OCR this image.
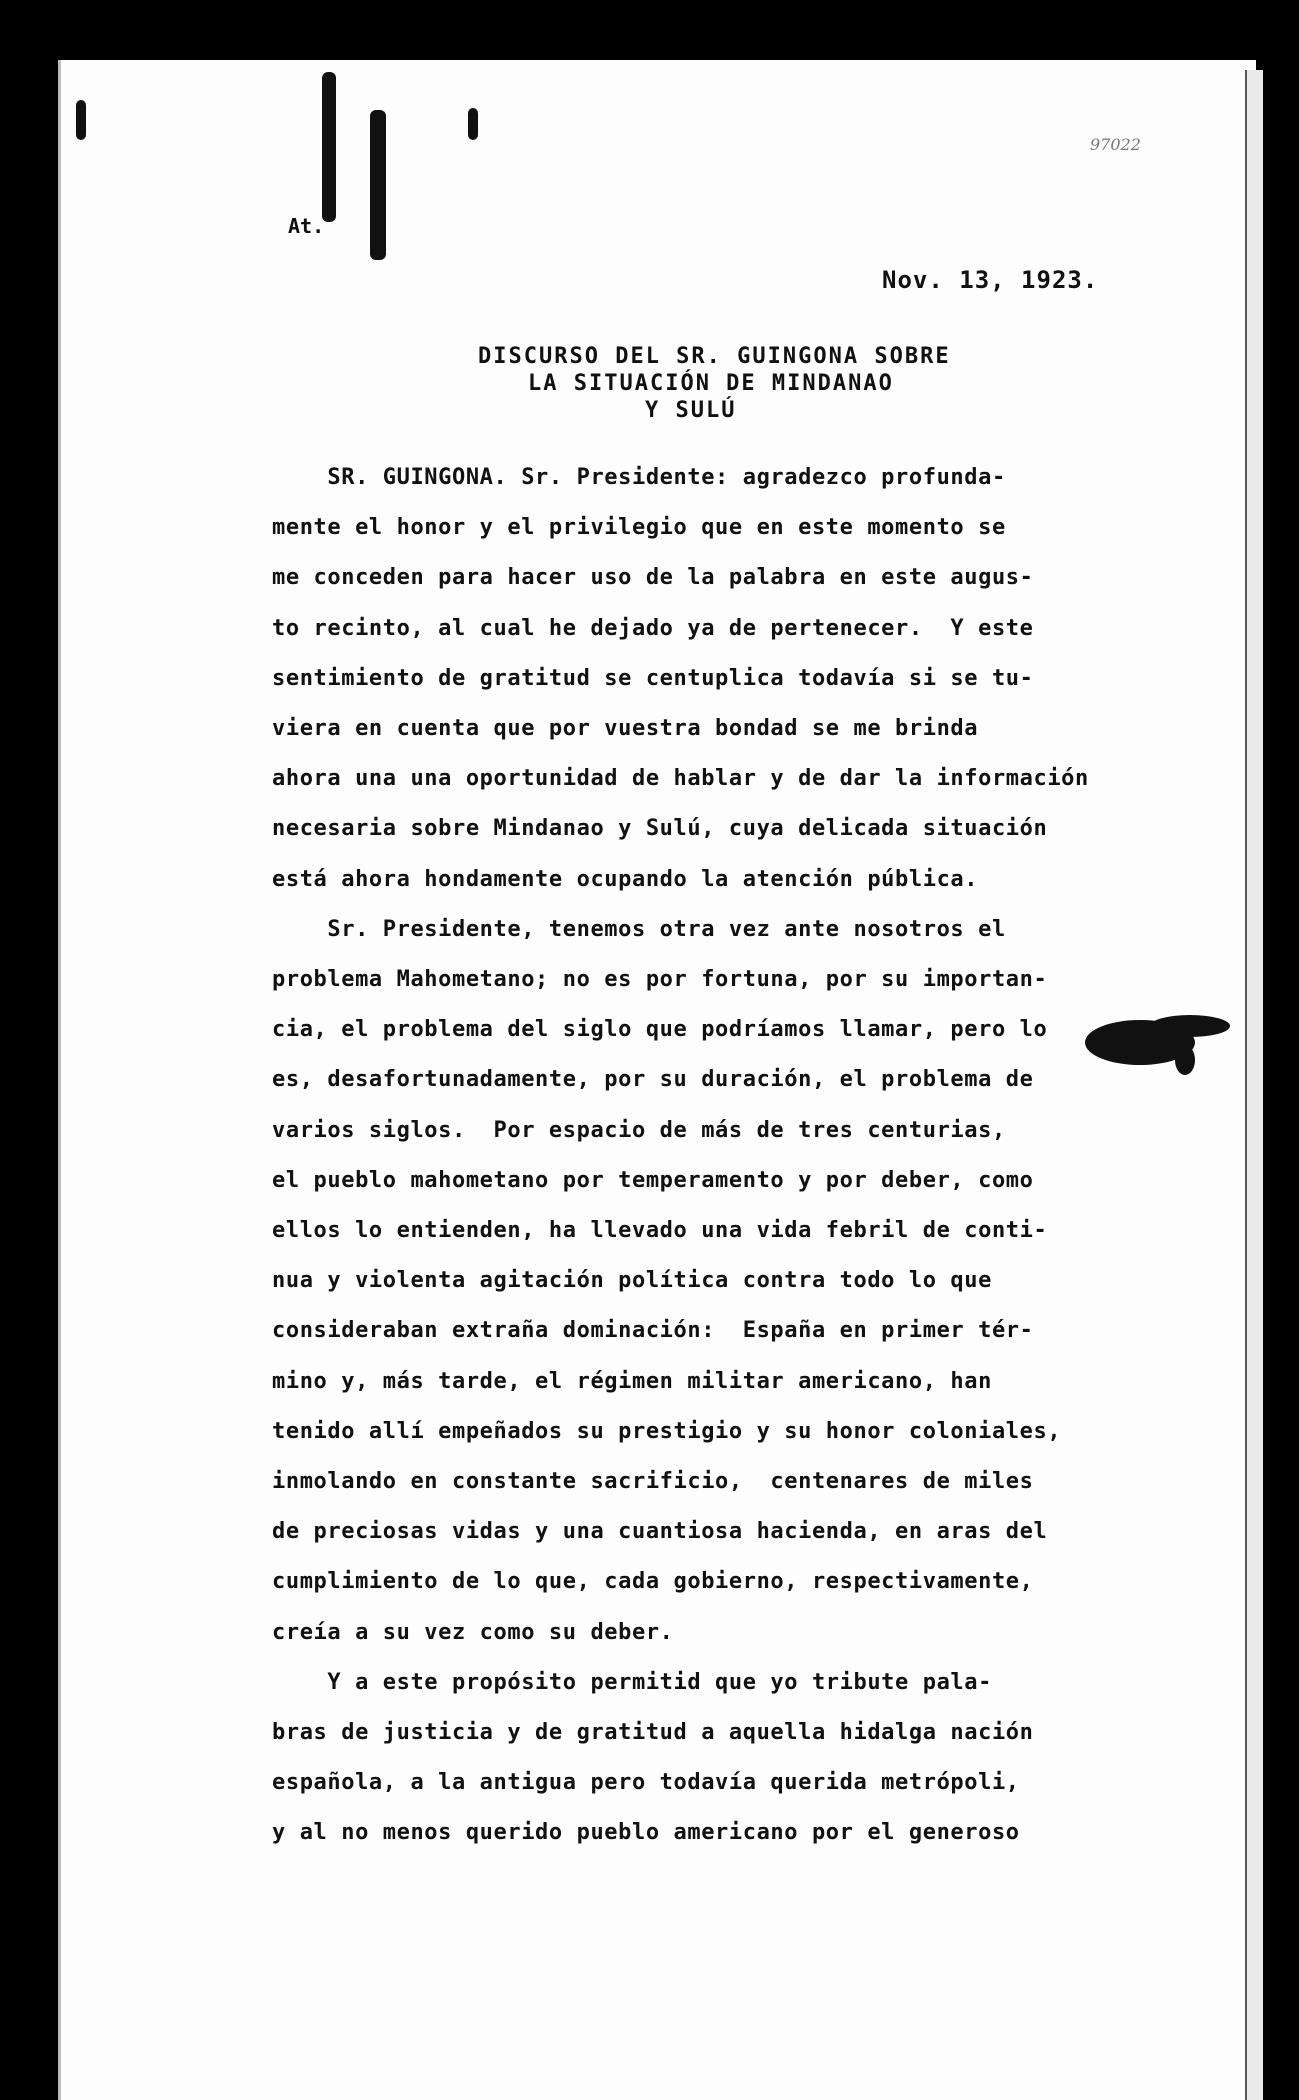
At.
Nov. 13, 1923.
97022
DISCURSO DEL SR. GUINGONA SOBRE
LA SITUACIÓN DE MINDANAO
Y SULÚ
SR. GUINGONA. Sr. Presidente: agradezco profunda-
mente el honor y el privilegio que en este momento se
me conceden para hacer uso de la palabra en este augus-
to recinto, al cual he dejado ya de pertenecer.  Y este
sentimiento de gratitud se centuplica todavía si se tu-
viera en cuenta que por vuestra bondad se me brinda
ahora una una oportunidad de hablar y de dar la información
necesaria sobre Mindanao y Sulú, cuya delicada situación
está ahora hondamente ocupando la atención pública.
Sr. Presidente, tenemos otra vez ante nosotros el
problema Mahometano; no es por fortuna, por su importan-
cia, el problema del siglo que podríamos llamar, pero lo
es, desafortunadamente, por su duración, el problema de
varios siglos.  Por espacio de más de tres centurias,
el pueblo mahometano por temperamento y por deber, como
ellos lo entienden, ha llevado una vida febril de conti-
nua y violenta agitación política contra todo lo que
consideraban extraña dominación:  España en primer tér-
mino y, más tarde, el régimen militar americano, han
tenido allí empeñados su prestigio y su honor coloniales,
inmolando en constante sacrificio,  centenares de miles
de preciosas vidas y una cuantiosa hacienda, en aras del
cumplimiento de lo que, cada gobierno, respectivamente,
creía a su vez como su deber.
Y a este propósito permitid que yo tribute pala-
bras de justicia y de gratitud a aquella hidalga nación
española, a la antigua pero todavía querida metrópoli,
y al no menos querido pueblo americano por el generoso
